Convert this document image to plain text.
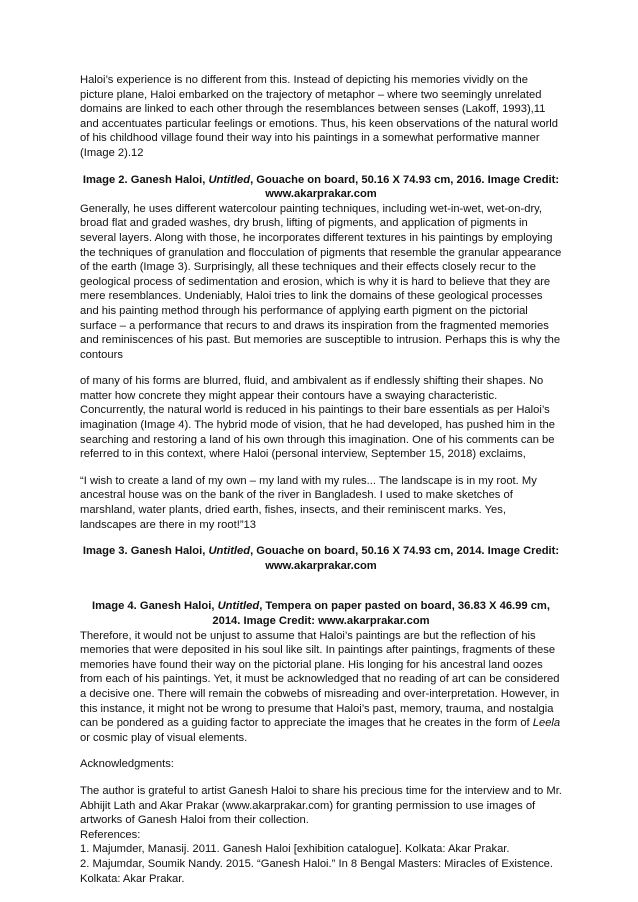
Haloi’s experience is no different from this. Instead of depicting his memories vividly on the picture plane, Haloi embarked on the trajectory of metaphor – where two seemingly unrelated domains are linked to each other through the resemblances between senses (Lakoff, 1993),11 and accentuates particular feelings or emotions. Thus, his keen observations of the natural world of his childhood village found their way into his paintings in a somewhat performative manner (Image 2).12

Image 2. Ganesh Haloi, Untitled, Gouache on board, 50.16 X 74.93 cm, 2016. Image Credit: www.akarprakar.com

Generally, he uses different watercolour painting techniques, including wet-in-wet, wet-on-dry, broad flat and graded washes, dry brush, lifting of pigments, and application of pigments in several layers. Along with those, he incorporates different textures in his paintings by employing the techniques of granulation and flocculation of pigments that resemble the granular appearance of the earth (Image 3). Surprisingly, all these techniques and their effects closely recur to the geological process of sedimentation and erosion, which is why it is hard to believe that they are mere resemblances. Undeniably, Haloi tries to link the domains of these geological processes and his painting method through his performance of applying earth pigment on the pictorial surface – a performance that recurs to and draws its inspiration from the fragmented memories and reminiscences of his past. But memories are susceptible to intrusion. Perhaps this is why the contours

of many of his forms are blurred, fluid, and ambivalent as if endlessly shifting their shapes. No matter how concrete they might appear their contours have a swaying characteristic. Concurrently, the natural world is reduced in his paintings to their bare essentials as per Haloi’s imagination (Image 4). The hybrid mode of vision, that he had developed, has pushed him in the searching and restoring a land of his own through this imagination. One of his comments can be referred to in this context, where Haloi (personal interview, September 15, 2018) exclaims,

“I wish to create a land of my own – my land with my rules... The landscape is in my root. My ancestral house was on the bank of the river in Bangladesh. I used to make sketches of marshland, water plants, dried earth, fishes, insects, and their reminiscent marks. Yes, landscapes are there in my root!”13

Image 3. Ganesh Haloi, Untitled, Gouache on board, 50.16 X 74.93 cm, 2014. Image Credit: www.akarprakar.com

Image 4. Ganesh Haloi, Untitled, Tempera on paper pasted on board, 36.83 X 46.99 cm, 2014. Image Credit: www.akarprakar.com

Therefore, it would not be unjust to assume that Haloi’s paintings are but the reflection of his memories that were deposited in his soul like silt. In paintings after paintings, fragments of these memories have found their way on the pictorial plane. His longing for his ancestral land oozes from each of his paintings. Yet, it must be acknowledged that no reading of art can be considered a decisive one. There will remain the cobwebs of misreading and over-interpretation. However, in this instance, it might not be wrong to presume that Haloi’s past, memory, trauma, and nostalgia can be pondered as a guiding factor to appreciate the images that he creates in the form of Leela or cosmic play of visual elements.

Acknowledgments:

The author is grateful to artist Ganesh Haloi to share his precious time for the interview and to Mr. Abhijit Lath and Akar Prakar (www.akarprakar.com) for granting permission to use images of artworks of Ganesh Haloi from their collection.

References:

1. Majumder, Manasij. 2011. Ganesh Haloi [exhibition catalogue]. Kolkata: Akar Prakar.

2. Majumdar, Soumik Nandy. 2015. “Ganesh Haloi.” In 8 Bengal Masters: Miracles of Existence. Kolkata: Akar Prakar.
